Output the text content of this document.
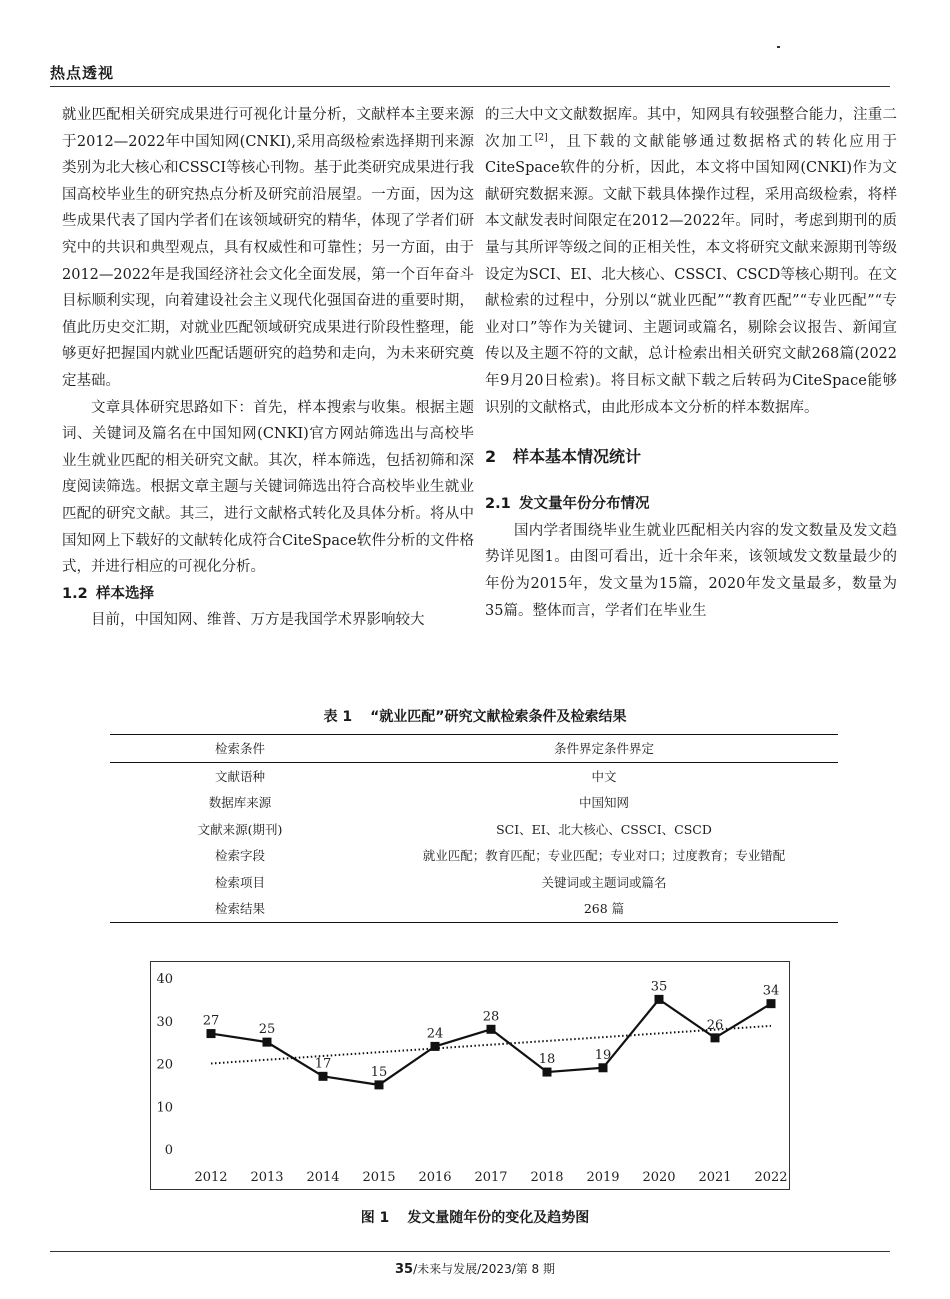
热点透视

就业匹配相关研究成果进行可视化计量分析，文献样本主要来源于2012—2022年中国知网(CNKI),采用高级检索选择期刊来源类别为北大核心和CSSCI等核心刊物。基于此类研究成果进行我国高校毕业生的研究热点分析及研究前沿展望。一方面，因为这些成果代表了国内学者们在该领域研究的精华，体现了学者们研究中的共识和典型观点，具有权威性和可靠性；另一方面，由于2012—2022年是我国经济社会文化全面发展，第一个百年奋斗目标顺利实现，向着建设社会主义现代化强国奋进的重要时期，值此历史交汇期，对就业匹配领域研究成果进行阶段性整理，能够更好把握国内就业匹配话题研究的趋势和走向，为未来研究奠定基础。

文章具体研究思路如下：首先，样本搜索与收集。根据主题词、关键词及篇名在中国知网(CNKI)官方网站筛选出与高校毕业生就业匹配的相关研究文献。其次，样本筛选，包括初筛和深度阅读筛选。根据文章主题与关键词筛选出符合高校毕业生就业匹配的研究文献。其三，进行文献格式转化及具体分析。将从中国知网上下载好的文献转化成符合CiteSpace软件分析的文件格式，并进行相应的可视化分析。

1.2 样本选择

目前，中国知网、维普、万方是我国学术界影响较大

的三大中文文献数据库。其中，知网具有较强整合能力，注重二次加工[2]，且下载的文献能够通过数据格式的转化应用于CiteSpace软件的分析，因此，本文将中国知网(CNKI)作为文献研究数据来源。文献下载具体操作过程，采用高级检索，将样本文献发表时间限定在2012—2022年。同时，考虑到期刊的质量与其所评等级之间的正相关性，本文将研究文献来源期刊等级设定为SCI、EI、北大核心、CSSCI、CSCD等核心期刊。在文献检索的过程中，分别以“就业匹配”“教育匹配”“专业匹配”“专业对口”等作为关键词、主题词或篇名，剔除会议报告、新闻宣传以及主题不符的文献，总计检索出相关研究文献268篇(2022年9月20日检索)。将目标文献下载之后转码为CiteSpace能够识别的文献格式，由此形成本文分析的样本数据库。

2 样本基本情况统计
2.1 发文量年份分布情况

国内学者围绕毕业生就业匹配相关内容的发文数量及发文趋势详见图1。由图可看出，近十余年来，该领域发文数量最少的年份为2015年，发文量为15篇，2020年发文量最多，数量为35篇。整体而言，学者们在毕业生

表 1 “就业匹配”研究文献检索条件及检索结果
检索条件	条件界定条件界定
文献语种	中文
数据库来源	中国知网
文献来源(期刊)	SCI、EI、北大核心、CSSCI、CSCD
检索字段	就业匹配；教育匹配；专业匹配；专业对口；过度教育；专业错配
检索项目	关键词或主题词或篇名
检索结果	268 篇
0
10
20
30
40
2012 2013 2014 2015 2016 2017 2018 2019 2020 2021 2022
27
25
17
15
24
28
18	19
35
26
34
图 1 发文量随年份的变化及趋势图
35/未来与发展/2023/第 8 期
